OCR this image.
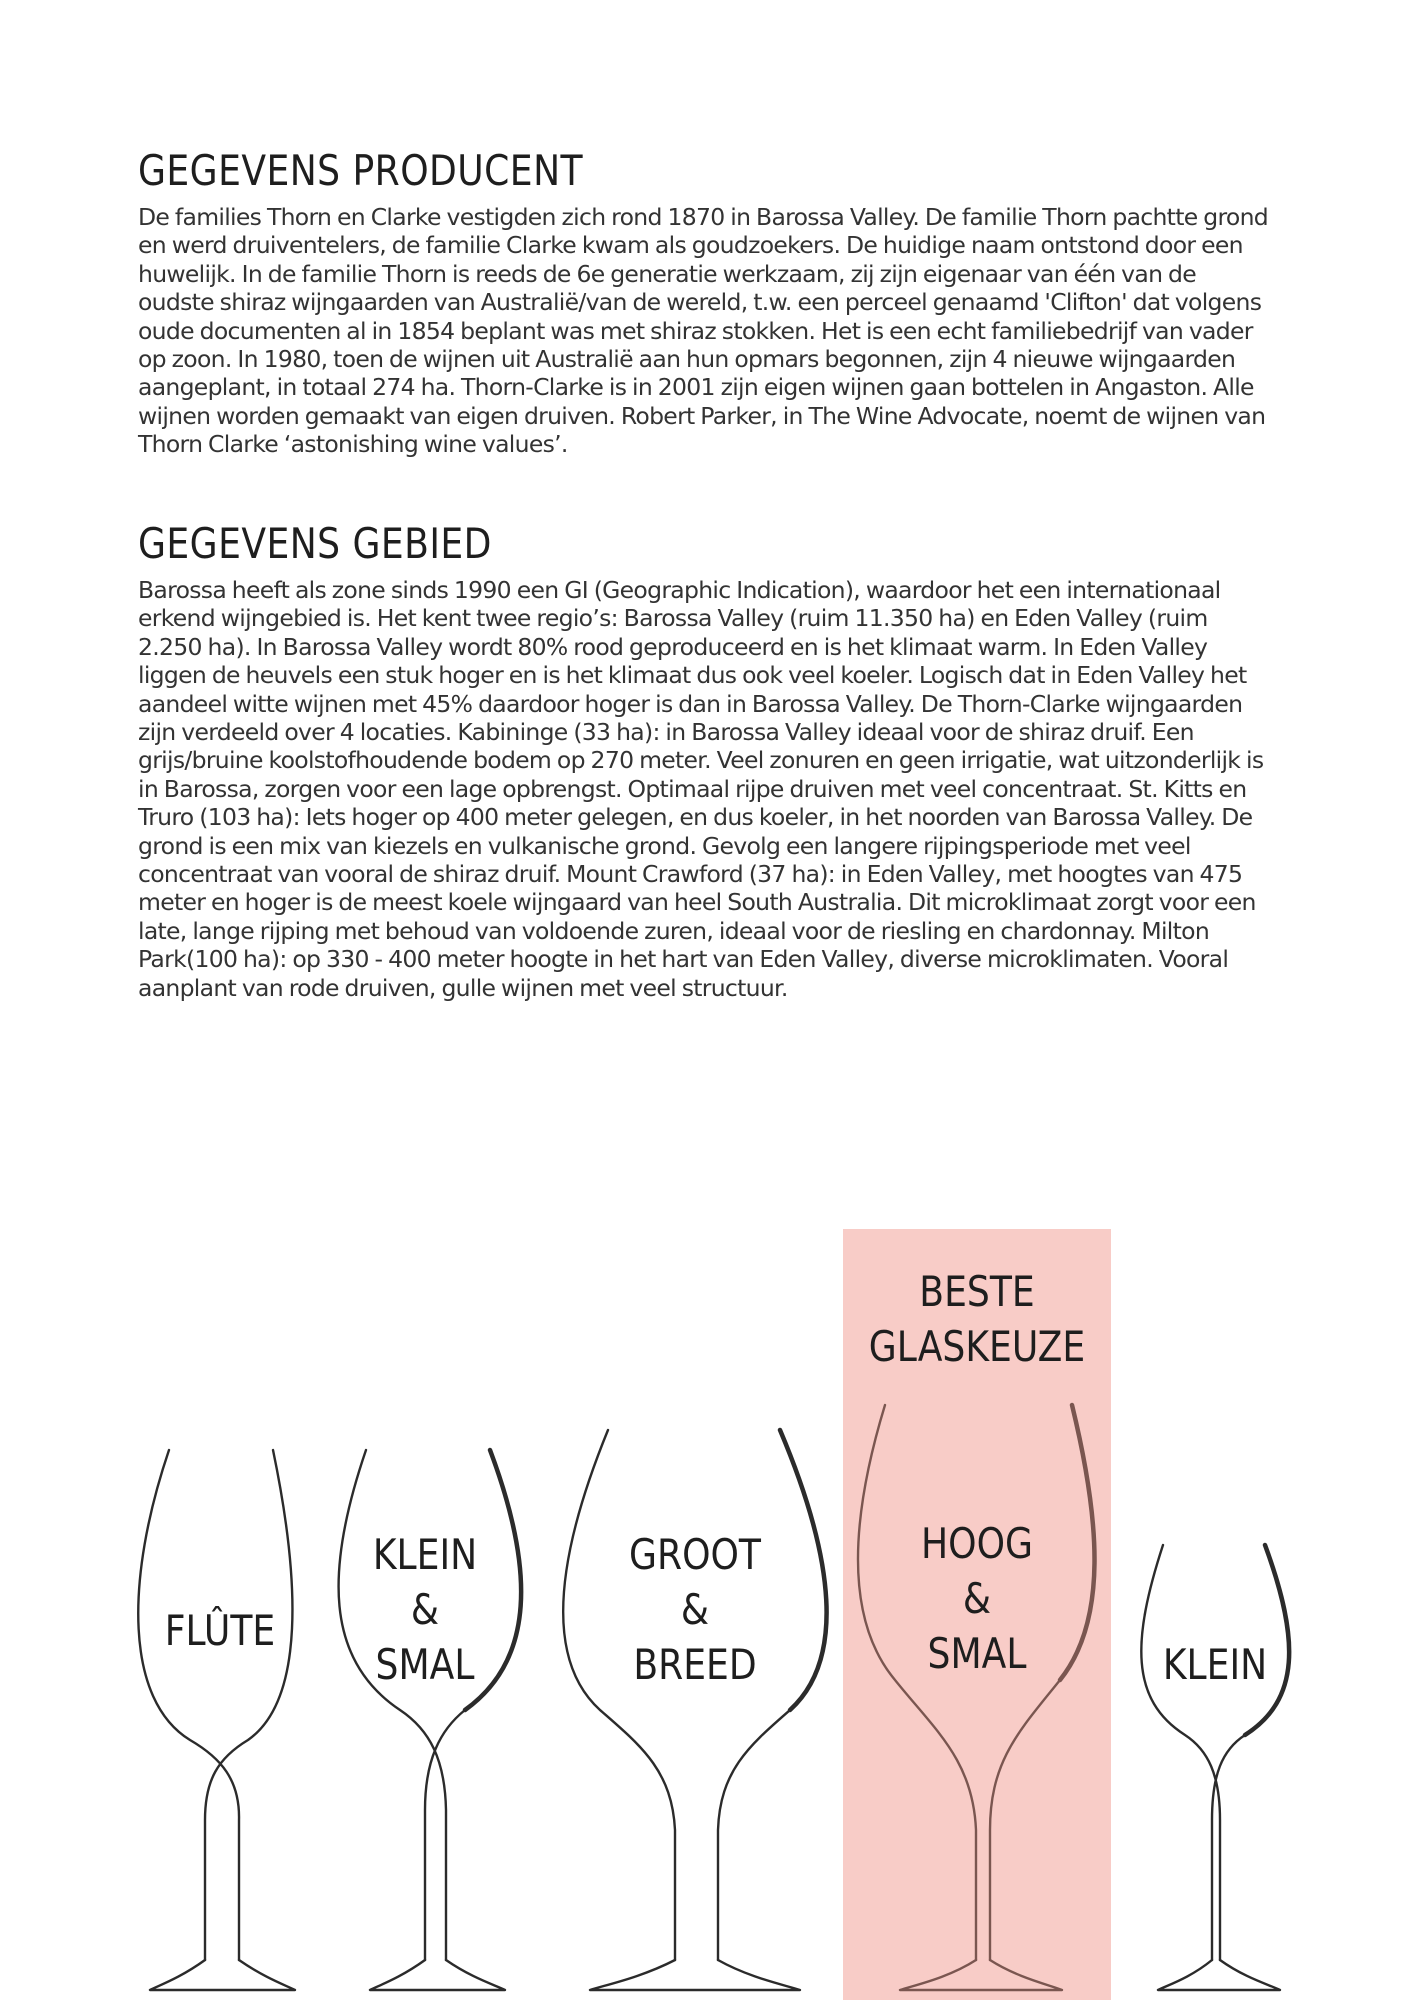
GEGEVENS PRODUCENT

De families Thorn en Clarke vestigden zich rond 1870 in Barossa Valley. De familie Thorn pachtte grond en werd druiventelers, de familie Clarke kwam als goudzoekers. De huidige naam ontstond door een huwelijk. In de familie Thorn is reeds de 6e generatie werkzaam, zij zijn eigenaar van één van de oudste shiraz wijngaarden van Australië/van de wereld, t.w. een perceel genaamd 'Clifton' dat volgens oude documenten al in 1854 beplant was met shiraz stokken. Het is een echt familiebedrijf van vader op zoon. In 1980, toen de wijnen uit Australië aan hun opmars begonnen, zijn 4 nieuwe wijngaarden aangeplant, in totaal 274 ha. Thorn-Clarke is in 2001 zijn eigen wijnen gaan bottelen in Angaston. Alle wijnen worden gemaakt van eigen druiven. Robert Parker, in The Wine Advocate, noemt de wijnen van Thorn Clarke ‘astonishing wine values’.

GEGEVENS GEBIED

Barossa heeft als zone sinds 1990 een GI (Geographic Indication), waardoor het een internationaal erkend wijngebied is. Het kent twee regio’s: Barossa Valley (ruim 11.350 ha) en Eden Valley (ruim 2.250 ha). In Barossa Valley wordt 80% rood geproduceerd en is het klimaat warm. In Eden Valley liggen de heuvels een stuk hoger en is het klimaat dus ook veel koeler. Logisch dat in Eden Valley het aandeel witte wijnen met 45% daardoor hoger is dan in Barossa Valley. De Thorn-Clarke wijngaarden zijn verdeeld over 4 locaties. Kabininge (33 ha): in Barossa Valley ideaal voor de shiraz druif. Een grijs/bruine koolstofhoudende bodem op 270 meter. Veel zonuren en geen irrigatie, wat uitzonderlijk is in Barossa, zorgen voor een lage opbrengst. Optimaal rijpe druiven met veel concentraat. St. Kitts en Truro (103 ha): Iets hoger op 400 meter gelegen, en dus koeler, in het noorden van Barossa Valley. De grond is een mix van kiezels en vulkanische grond. Gevolg een langere rijpingsperiode met veel concentraat van vooral de shiraz druif. Mount Crawford (37 ha): in Eden Valley, met hoogtes van 475 meter en hoger is de meest koele wijngaard van heel South Australia. Dit microklimaat zorgt voor een late, lange rijping met behoud van voldoende zuren, ideaal voor de riesling en chardonnay. Milton Park(100 ha): op 330 - 400 meter hoogte in het hart van Eden Valley, diverse microklimaten. Vooral aanplant van rode druiven, gulle wijnen met veel structuur.

BESTE
GLASKEUZE
FLÛTE
KLEIN
&
SMAL
GROOT
&
BREED
HOOG
&
SMAL	KLEIN
